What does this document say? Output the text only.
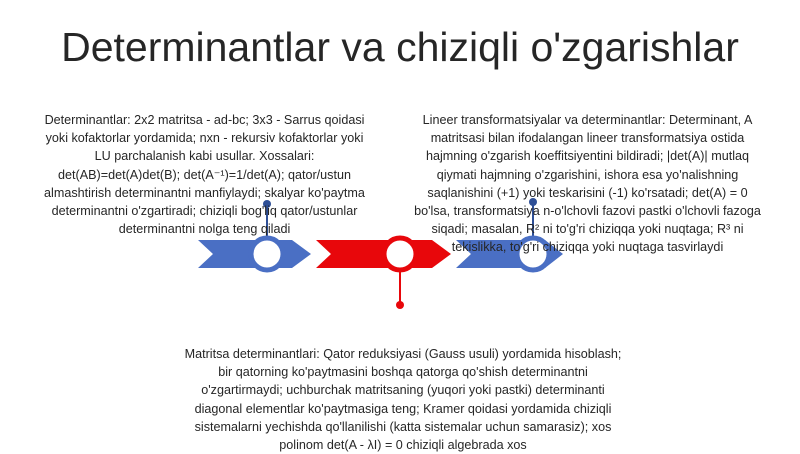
Determinantlar va chiziqli o'zgarishlar
Determinantlar: 2x2 matritsa - ad-bc; 3x3 - Sarrus qoidasi yoki kofaktorlar yordamida; nxn - rekursiv kofaktorlar yoki LU parchalanish kabi usullar. Xossalari: det(AB)=det(A)det(B); det(A⁻¹)=1/det(A); qator/ustun almashtirish determinantni manfiylaydi; skalyar ko'paytma determinantni o'zgartiradi; chiziqli bog'liq qator/ustunlar determinantni nolga teng qiladi
Lineer transformatsiyalar va determinantlar: Determinant, A matritsasi bilan ifodalangan lineer transformatsiya ostida hajmning o'zgarish koeffitsiyentini bildiradi; |det(A)| mutlaq qiymati hajmning o'zgarishini, ishora esa yo'nalishning saqlanishini (+1) yoki teskarisini (-1) ko'rsatadi; det(A) = 0 bo'lsa, transformatsiya n-o'lchovli fazovi pastki o'lchovli fazoga siqadi; masalan, R² ni to'g'ri chiziqqa yoki nuqtaga; R³ ni tekislikka, to'g'ri chiziqqa yoki nuqtaga tasvirlaydi
Matritsa determinantlari: Qator reduksiyasi (Gauss usuli) yordamida hisoblash; bir qatorning ko'paytmasini boshqa qatorga qo'shish determinantni o'zgartirmaydi; uchburchak matritsaning (yuqori yoki pastki) determinanti diagonal elementlar ko'paytmasiga teng; Kramer qoidasi yordamida chiziqli sistemalarni yechishda qo'llanilishi (katta sistemalar uchun samarasiz); xos polinom det(A - λI) = 0 chiziqli algebrada xos
